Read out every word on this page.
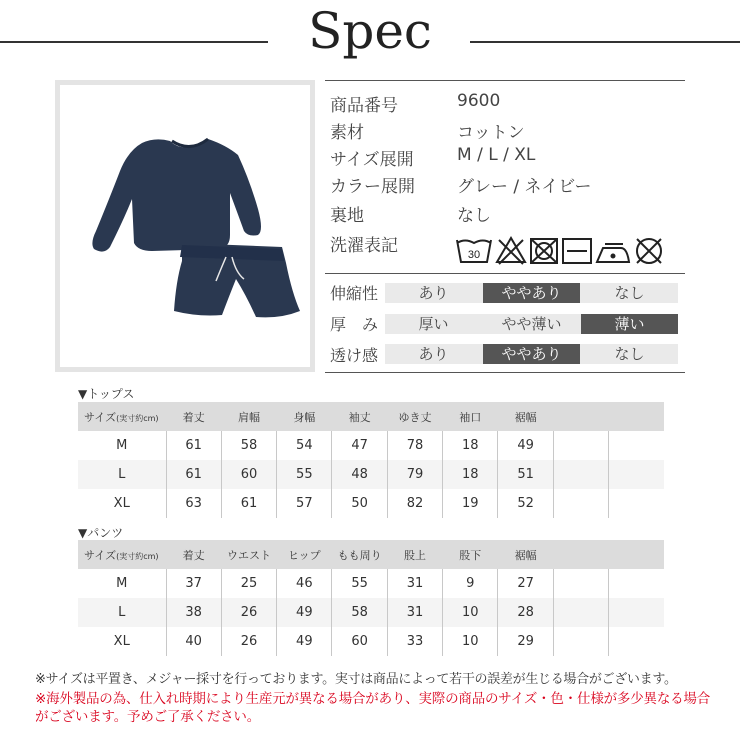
Spec
商品番号	9600
素材	コットン
サイズ展開	M / L / XL
カラー展開 グレー / ネイビー
裏地	なし
洗濯表記	30
伸縮性	あり	ややあり	なし
厚　み	厚い	やや薄い	薄い
透け感	あり	ややあり	なし
▼トップス
サイズ(実寸約cm)	着丈	肩幅	身幅	袖丈	ゆき丈	袖口	裾幅		
M	61	58	54	47	78	18	49		
L	61	60	55	48	79	18	51		
XL	63	61	57	50	82	19	52		
▼パンツ
サイズ(実寸約cm)	着丈	ウエスト	ヒップ	もも周り	股上	股下	裾幅		
M	37	25	46	55	31	9	27		
L	38	26	49	58	31	10	28		
XL	40	26	49	60	33	10	29		
※サイズは平置き、メジャー採寸を行っております。実寸は商品によって若干の誤差が生じる場合がございます。
※海外製品の為、仕入れ時期により生産元が異なる場合があり、実際の商品のサイズ・色・仕様が多少異なる場合がございます。予めご了承ください。
